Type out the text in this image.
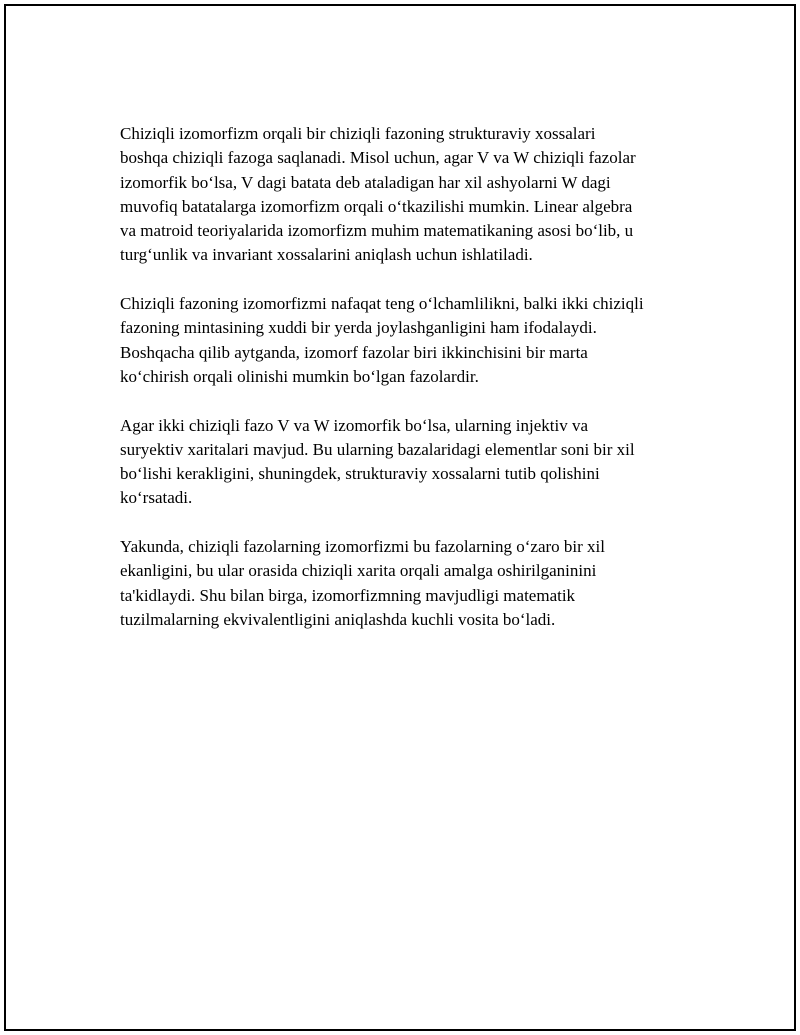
Chiziqli izomorfizm orqali bir chiziqli fazoning strukturaviy xossalari
boshqa chiziqli fazoga saqlanadi. Misol uchun, agar V va W chiziqli fazolar
izomorfik bo‘lsa, V dagi batata deb ataladigan har xil ashyolarni W dagi
muvofiq batatalarga izomorfizm orqali o‘tkazilishi mumkin. Linear algebra
va matroid teoriyalarida izomorfizm muhim matematikaning asosi bo‘lib, u
turg‘unlik va invariant xossalarini aniqlash uchun ishlatiladi.

Chiziqli fazoning izomorfizmi nafaqat teng o‘lchamlilikni, balki ikki chiziqli
fazoning mintasining xuddi bir yerda joylashganligini ham ifodalaydi.
Boshqacha qilib aytganda, izomorf fazolar biri ikkinchisini bir marta
ko‘chirish orqali olinishi mumkin bo‘lgan fazolardir.

Agar ikki chiziqli fazo V va W izomorfik bo‘lsa, ularning injektiv va
suryektiv xaritalari mavjud. Bu ularning bazalaridagi elementlar soni bir xil
bo‘lishi kerakligini, shuningdek, strukturaviy xossalarni tutib qolishini
ko‘rsatadi.

Yakunda, chiziqli fazolarning izomorfizmi bu fazolarning o‘zaro bir xil
ekanligini, bu ular orasida chiziqli xarita orqali amalga oshirilganinini
ta'kidlaydi. Shu bilan birga, izomorfizmning mavjudligi matematik
tuzilmalarning ekvivalentligini aniqlashda kuchli vosita bo‘ladi.
